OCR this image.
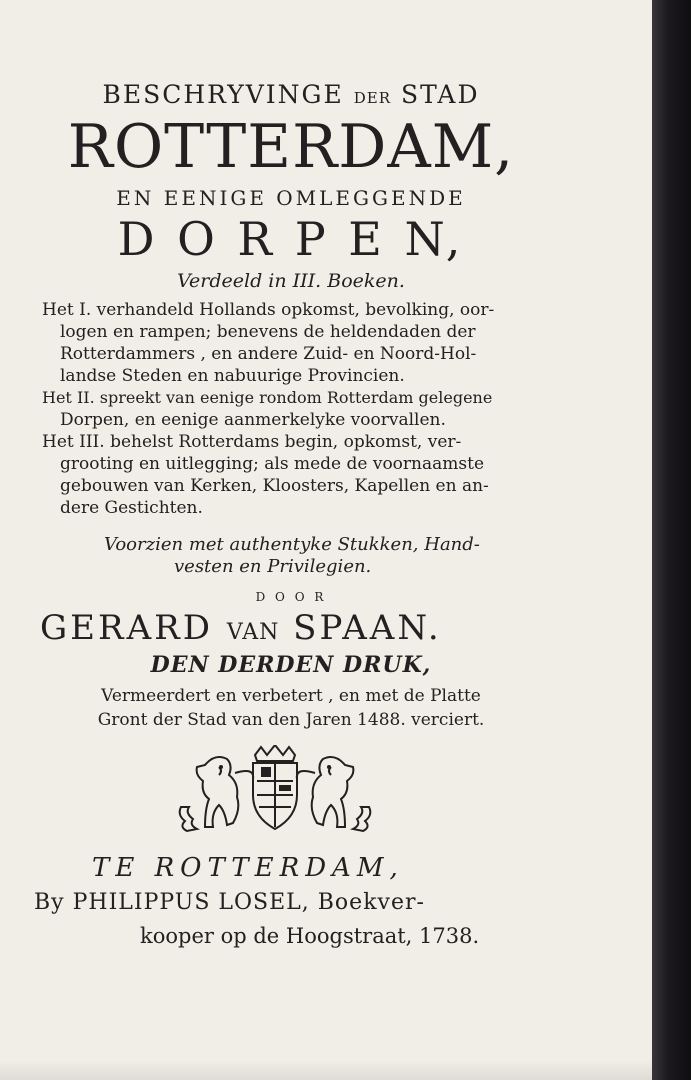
BESCHRYVINGE DER STAD
ROTTERDAM,
EN EENIGE OMLEGGENDE
D O R P E N,
Verdeeld in III. Boeken.
Het I. verhandeld Hollands opkomst, bevolking, oor-
logen en rampen; benevens de heldendaden der
Rotterdammers , en andere Zuid- en Noord-Hol-
landse Steden en nabuurige Provincien.
Het II. spreekt van eenige rondom Rotterdam gelegene
Dorpen, en eenige aanmerkelyke voorvallen.
Het III. behelst Rotterdams begin, opkomst, ver-
grooting en uitlegging; als mede de voornaamste
gebouwen van Kerken, Kloosters, Kapellen en an-
dere Gestichten.
Voorzien met authentyke Stukken, Hand-
vesten en Privilegien.
D O O R
GERARD VAN SPAAN.
DEN DERDEN DRUK,
Vermeerdert en verbetert , en met de Platte
Gront der Stad van den Jaren 1488. verciert.
TE ROTTERDAM,
By PHILIPPUS LOSEL, Boekver-
kooper op de Hoogstraat, 1738.
